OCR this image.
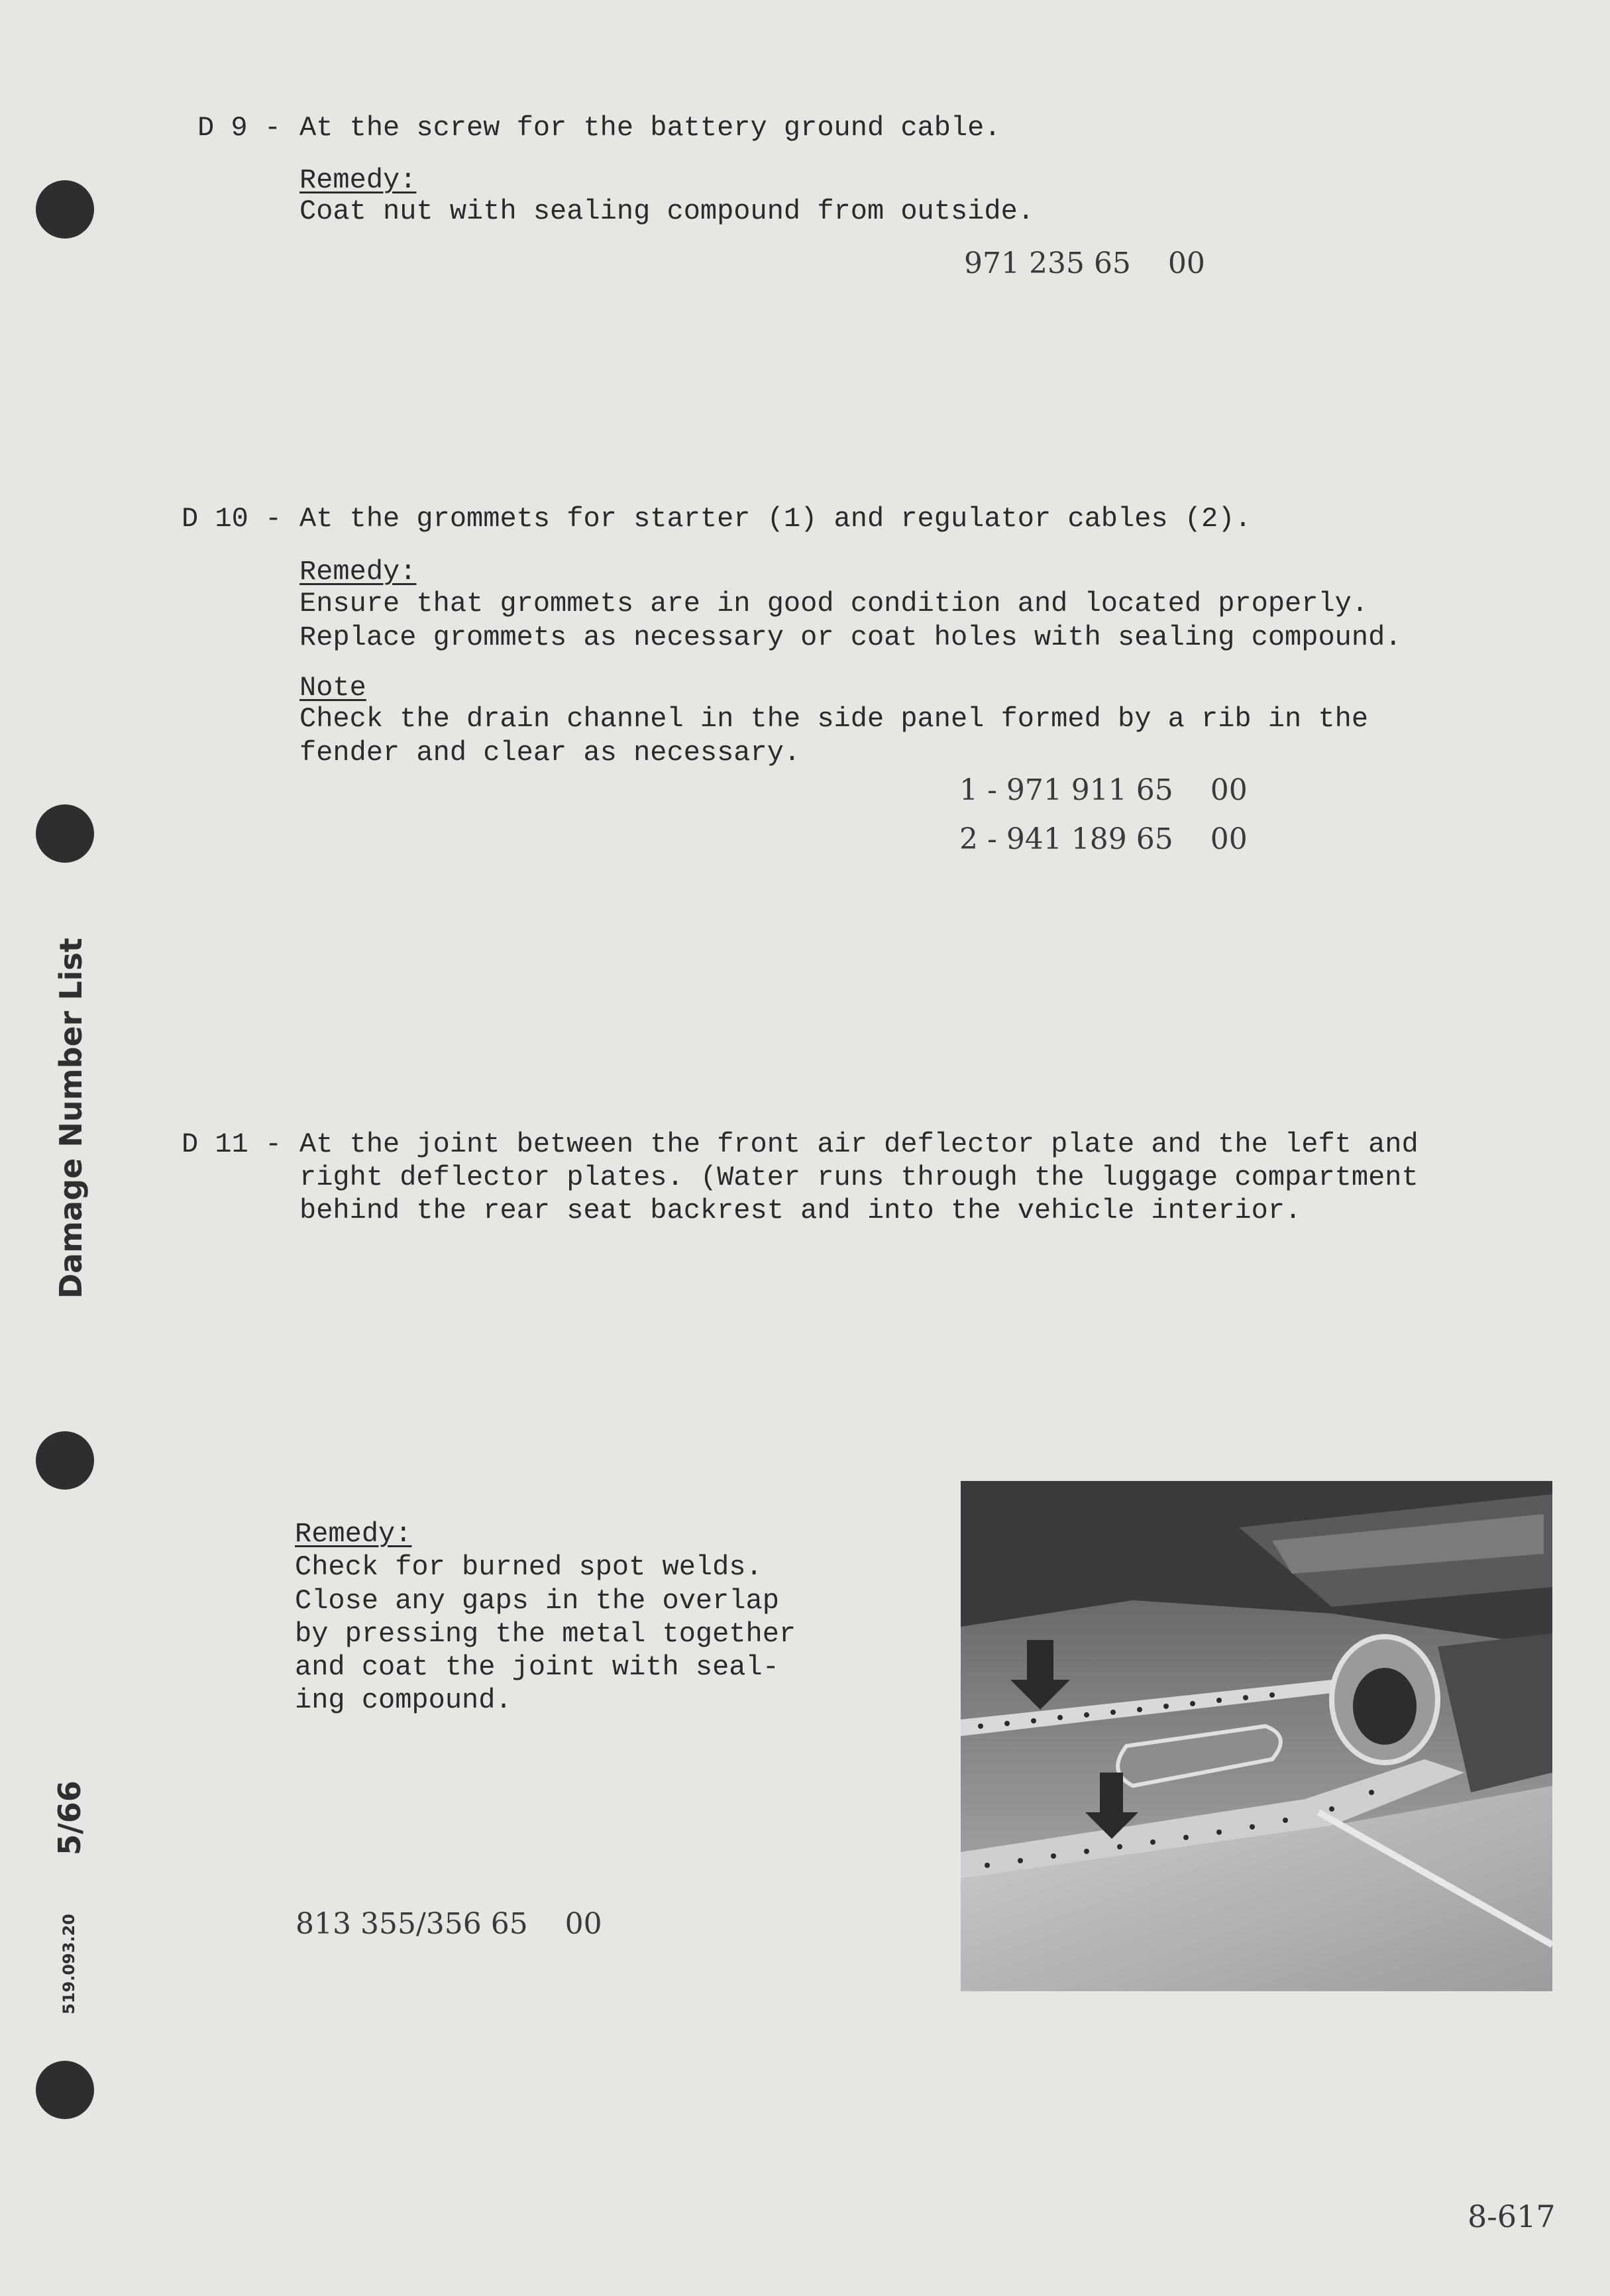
Damage Number List
5/66
519.093.20
D 9 - At the screw for the battery ground cable.
Remedy:
Coat nut with sealing compound from outside.
971 235 65    00
D 10 - At the grommets for starter (1) and regulator cables (2).
Remedy:
Ensure that grommets are in good condition and located properly.
Replace grommets as necessary or coat holes with sealing compound.
Note
Check the drain channel in the side panel formed by a rib in the
fender and clear as necessary.
1 - 971 911 65    00
2 - 941 189 65    00
D 11 - At the joint between the front air deflector plate and the left and
right deflector plates. (Water runs through the luggage compartment
behind the rear seat backrest and into the vehicle interior.
Remedy:
Check for burned spot welds.
Close any gaps in the overlap
by pressing the metal together
and coat the joint with seal-
ing compound.
813 355/356 65    00
8-617
